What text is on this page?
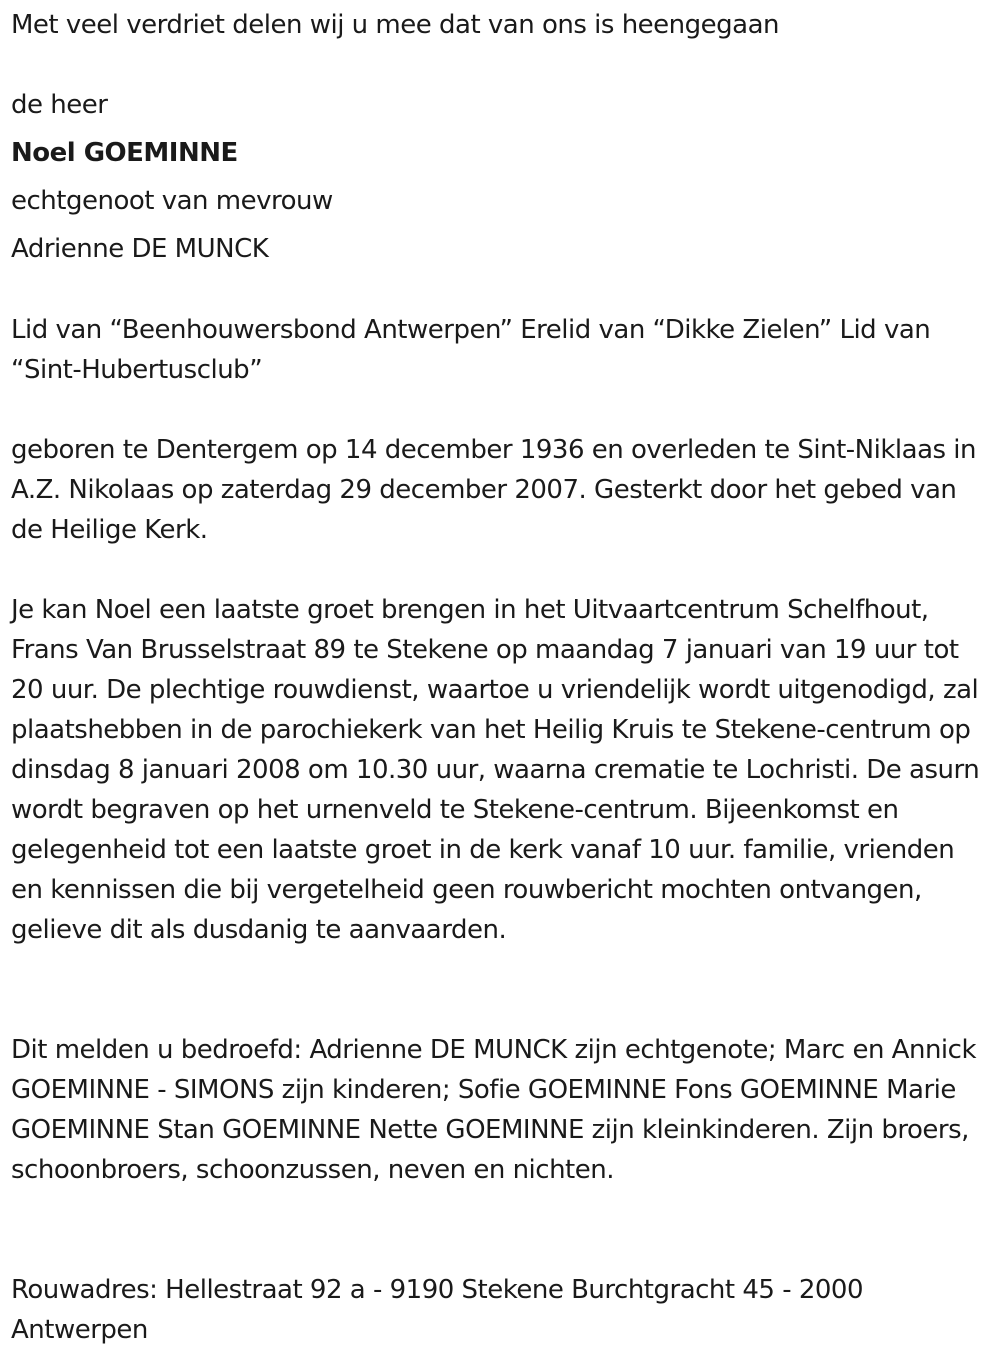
Met veel verdriet delen wij u mee dat van ons is heengegaan
de heer
Noel GOEMINNE
echtgenoot van mevrouw
Adrienne DE MUNCK
Lid van “Beenhouwersbond Antwerpen” Erelid van “Dikke Zielen” Lid van “Sint-Hubertusclub”
geboren te Dentergem op 14 december 1936 en overleden te Sint-Niklaas in A.Z. Nikolaas op zaterdag 29 december 2007. Gesterkt door het gebed van de Heilige Kerk.
Je kan Noel een laatste groet brengen in het Uitvaartcentrum Schelfhout, Frans Van Brusselstraat 89 te Stekene op maandag 7 januari van 19 uur tot 20 uur. De plechtige rouwdienst, waartoe u vriendelijk wordt uitgenodigd, zal plaatshebben in de parochiekerk van het Heilig Kruis te Stekene-centrum op dinsdag 8 januari 2008 om 10.30 uur, waarna crematie te Lochristi. De asurn wordt begraven op het urnenveld te Stekene-centrum. Bijeenkomst en gelegenheid tot een laatste groet in de kerk vanaf 10 uur. familie, vrienden en kennissen die bij vergetelheid geen rouwbericht mochten ontvangen, gelieve dit als dusdanig te aanvaarden.
Dit melden u bedroefd: Adrienne DE MUNCK zijn echtgenote; Marc en Annick GOEMINNE - SIMONS zijn kinderen; Sofie GOEMINNE Fons GOEMINNE Marie GOEMINNE Stan GOEMINNE Nette GOEMINNE zijn kleinkinderen. Zijn broers, schoonbroers, schoonzussen, neven en nichten.
Rouwadres: Hellestraat 92 a - 9190 Stekene Burchtgracht 45 - 2000 Antwerpen
